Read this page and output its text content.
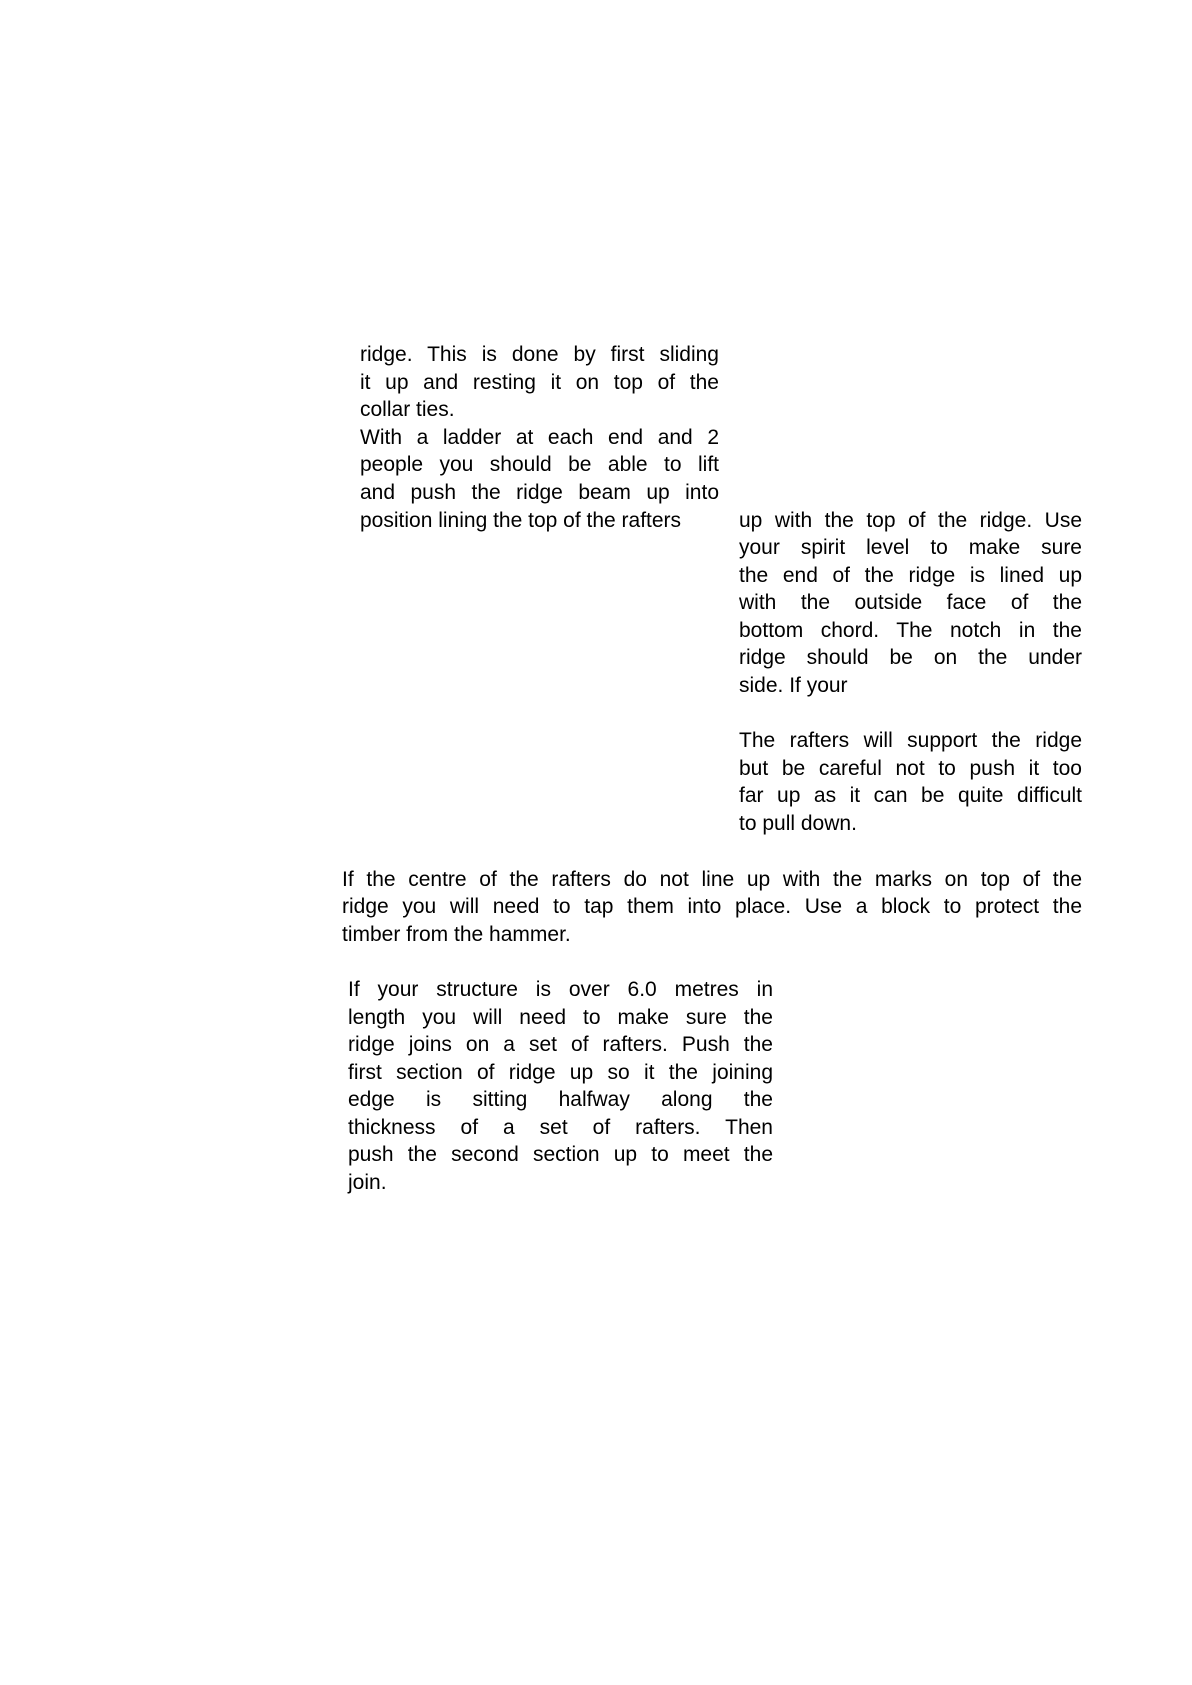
ridge. This is done by first sliding
it up and resting it on top of the
collar ties.
With a ladder at each end and 2
people you should be able to lift
and push the ridge beam up into
position lining the top of the rafters	up with the top of the ridge. Use
your spirit level to make sure
the end of the ridge is lined up
with the outside face of the
bottom chord. The notch in the
ridge should be on the under
side. If your
The rafters will support the ridge
but be careful not to push it too
far up as it can be quite difficult
to pull down.
If the centre of the rafters do not line up with the marks on top of the
ridge you will need to tap them into place. Use a block to protect the
timber from the hammer.
If your structure is over 6.0 metres in
length you will need to make sure the
ridge joins on a set of rafters. Push the
first section of ridge up so it the joining
edge is sitting halfway along the
thickness of a set of rafters. Then
push the second section up to meet the
join.
